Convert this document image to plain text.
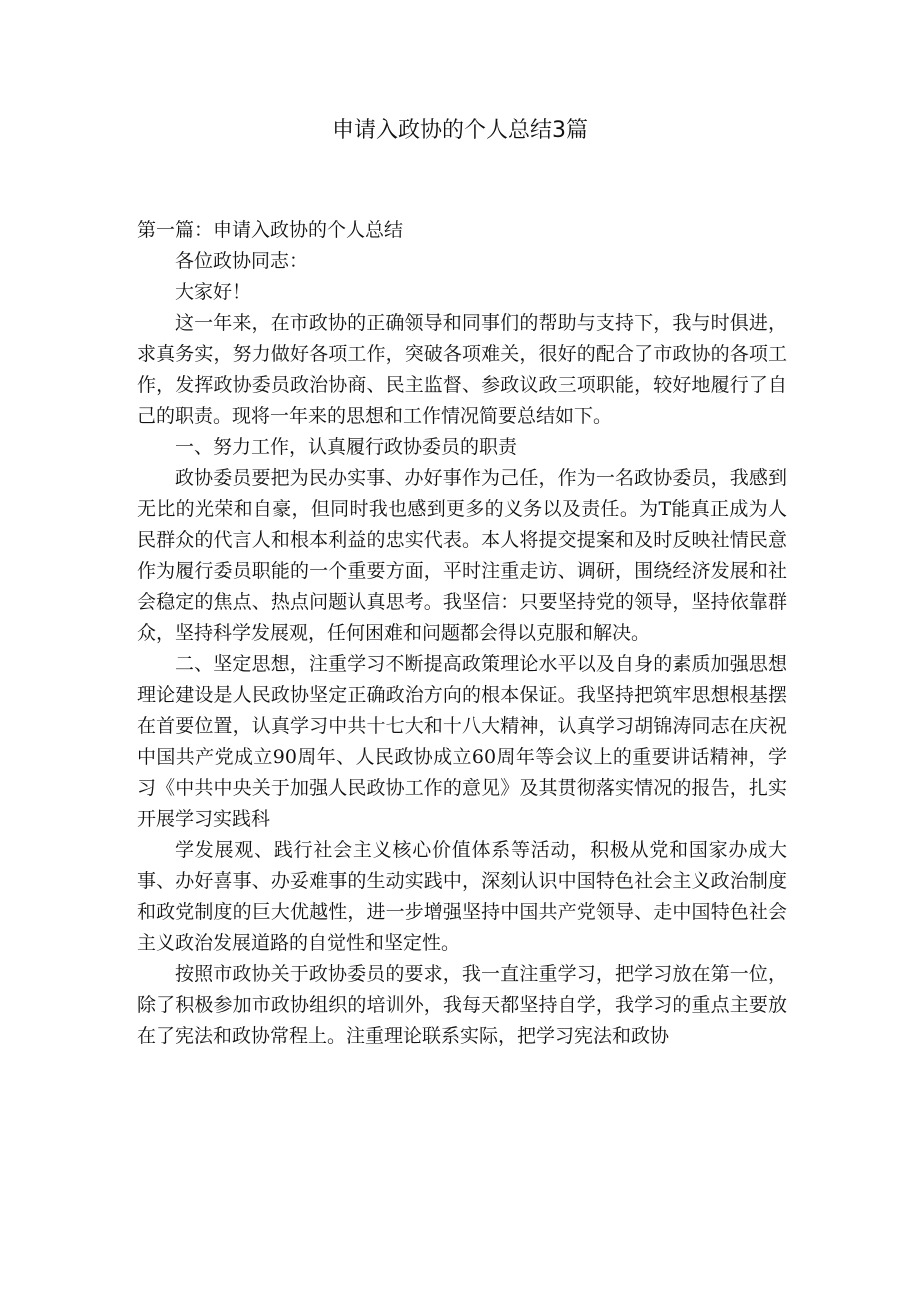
申请入政协的个人总结3篇

第一篇：申请入政协的个人总结

各位政协同志：

大家好！

这一年来，在市政协的正确领导和同事们的帮助与支持下，我与时俱进，求真务实，努力做好各项工作，突破各项难关，很好的配合了市政协的各项工作，发挥政协委员政治协商、民主监督、参政议政三项职能，较好地履行了自己的职责。现将一年来的思想和工作情况简要总结如下。

一、努力工作，认真履行政协委员的职责

政协委员要把为民办实事、办好事作为己任，作为一名政协委员，我感到无比的光荣和自豪，但同时我也感到更多的义务以及责任。为T能真正成为人民群众的代言人和根本利益的忠实代表。本人将提交提案和及时反映社情民意作为履行委员职能的一个重要方面，平时注重走访、调研，围绕经济发展和社会稳定的焦点、热点问题认真思考。我坚信：只要坚持党的领导，坚持依靠群众，坚持科学发展观，任何困难和问题都会得以克服和解决。

二、坚定思想，注重学习不断提高政策理论水平以及自身的素质加强思想理论建设是人民政协坚定正确政治方向的根本保证。我坚持把筑牢思想根基摆在首要位置，认真学习中共十七大和十八大精神，认真学习胡锦涛同志在庆祝中国共产党成立90周年、人民政协成立60周年等会议上的重要讲话精神，学习《中共中央关于加强人民政协工作的意见》及其贯彻落实情况的报告，扎实开展学习实践科

学发展观、践行社会主义核心价值体系等活动，积极从党和国家办成大事、办好喜事、办妥难事的生动实践中，深刻认识中国特色社会主义政治制度和政党制度的巨大优越性，进一步增强坚持中国共产党领导、走中国特色社会主义政治发展道路的自觉性和坚定性。

按照市政协关于政协委员的要求，我一直注重学习，把学习放在第一位，除了积极参加市政协组织的培训外，我每天都坚持自学，我学习的重点主要放在了宪法和政协常程上。注重理论联系实际，把学习宪法和政协
